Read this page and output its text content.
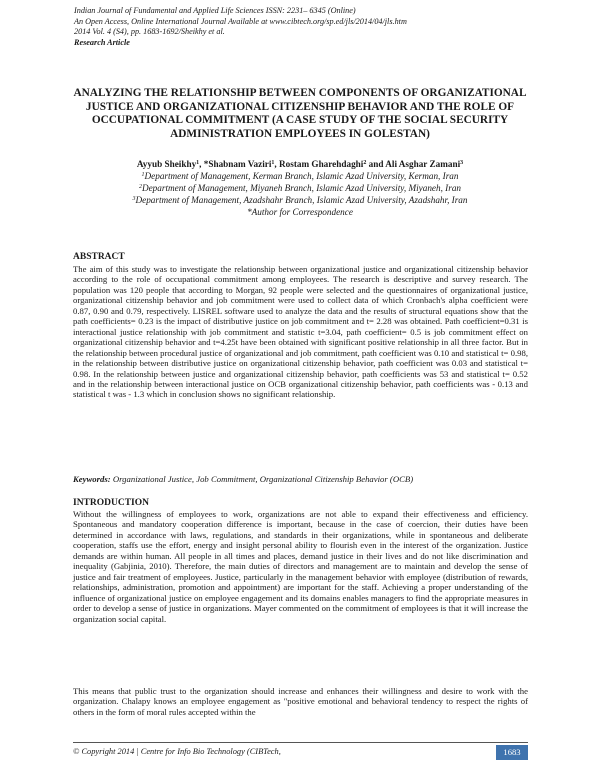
Indian Journal of Fundamental and Applied Life Sciences ISSN: 2231– 6345 (Online)
An Open Access, Online International Journal Available at www.cibtech.org/sp.ed/jls/2014/04/jls.htm
2014 Vol. 4 (S4), pp. 1683-1692/Sheikhy et al.
Research Article
ANALYZING THE RELATIONSHIP BETWEEN COMPONENTS OF ORGANIZATIONAL JUSTICE AND ORGANIZATIONAL CITIZENSHIP BEHAVIOR AND THE ROLE OF OCCUPATIONAL COMMITMENT (A CASE STUDY OF THE SOCIAL SECURITY ADMINISTRATION EMPLOYEES IN GOLESTAN)
Ayyub Sheikhy$^1$, *Shabnam Vaziri$^1$, Rostam Gharehdaghi$^2$ and Ali Asghar Zamani$^3$
$^1$Department of Management, Kerman Branch, Islamic Azad University, Kerman, Iran
$^2$Department of Management, Miyaneh Branch, Islamic Azad University, Miyaneh, Iran
$^3$Department of Management, Azadshahr Branch, Islamic Azad University, Azadshahr, Iran
*Author for Correspondence
ABSTRACT
The aim of this study was to investigate the relationship between organizational justice and organizational citizenship behavior according to the role of occupational commitment among employees. The research is descriptive and survey research. The population was 120 people that according to Morgan, 92 people were selected and the questionnaires of organizational justice, organizational citizenship behavior and job commitment were used to collect data of which Cronbach's alpha coefficient were 0.87, 0.90 and 0.79, respectively. LISREL software used to analyze the data and the results of structural equations show that the path coefficients= 0.23 is the impact of distributive justice on job commitment and t= 2.28 was obtained. Path coefficient=0.31 is interactional justice relationship with job commitment and statistic t=3.04, path coefficient= 0.5 is job commitment effect on organizational citizenship behavior and t=4.25t have been obtained with significant positive relationship in all three factor. But in the relationship between procedural justice of organizational and job commitment, path coefficient was 0.10 and statistical t= 0.98, in the relationship between distributive justice on organizational citizenship behavior, path coefficient was 0.03 and statistical t= 0.98. In the relationship between justice and organizational citizenship behavior, path coefficients was 53 and statistical t= 0.52 and in the relationship between interactional justice on OCB organizational citizenship behavior, path coefficients was - 0.13 and statistical t was - 1.3 which in conclusion shows no significant relationship.
Keywords: Organizational Justice, Job Commitment, Organizational Citizenship Behavior (OCB)
INTRODUCTION
Without the willingness of employees to work, organizations are not able to expand their effectiveness and efficiency. Spontaneous and mandatory cooperation difference is important, because in the case of coercion, their duties have been determined in accordance with laws, regulations, and standards in their organizations, while in spontaneous and deliberate cooperation, staffs use the effort, energy and insight personal ability to flourish even in the interest of the organization. Justice demands are within human. All people in all times and places, demand justice in their lives and do not like discrimination and inequality (Gabjinia, 2010). Therefore, the main duties of directors and management are to maintain and develop the sense of justice and fair treatment of employees. Justice, particularly in the management behavior with employee (distribution of rewards, relationships, administration, promotion and appointment) are important for the staff. Achieving a proper understanding of the influence of organizational justice on employee engagement and its domains enables managers to find the appropriate measures in order to develop a sense of justice in organizations. Mayer commented on the commitment of employees is that it will increase the organization social capital.
This means that public trust to the organization should increase and enhances their willingness and desire to work with the organization. Chalapy knows an employee engagement as "positive emotional and behavioral tendency to respect the rights of others in the form of moral rules accepted within the
© Copyright 2014 | Centre for Info Bio Technology (CIBTech,	1683
